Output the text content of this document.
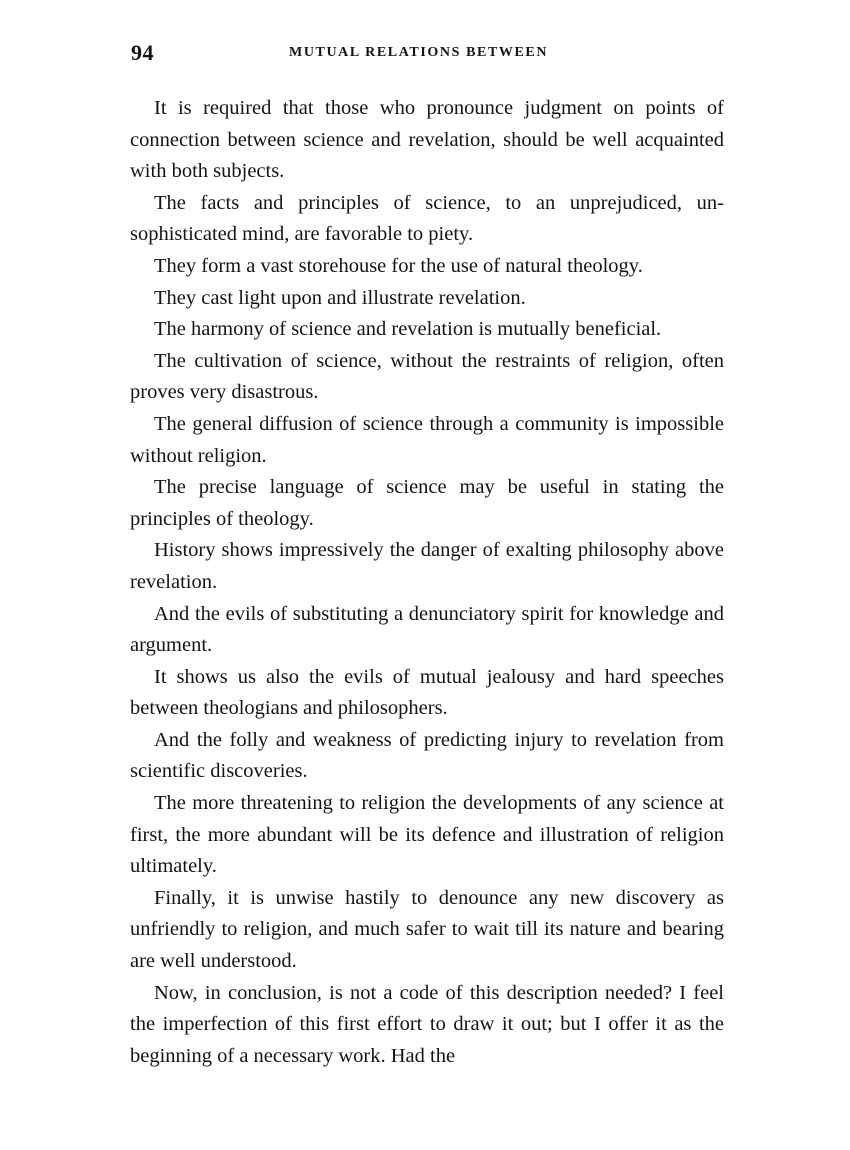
94	MUTUAL RELATIONS BETWEEN

It is required that those who pronounce judgment on points of connection between science and revelation, should be well acquainted with both subjects.

The facts and principles of science, to an unprejudiced, unsophisticated mind, are favorable to piety.

They form a vast storehouse for the use of natural theology.

They cast light upon and illustrate revelation.

The harmony of science and revelation is mutually beneficial.

The cultivation of science, without the restraints of religion, often proves very disastrous.

The general diffusion of science through a community is impossible without religion.

The precise language of science may be useful in stating the principles of theology.

History shows impressively the danger of exalting philosophy above revelation.

And the evils of substituting a denunciatory spirit for knowledge and argument.

It shows us also the evils of mutual jealousy and hard speeches between theologians and philosophers.

And the folly and weakness of predicting injury to revelation from scientific discoveries.

The more threatening to religion the developments of any science at first, the more abundant will be its defence and illustration of religion ultimately.

Finally, it is unwise hastily to denounce any new discovery as unfriendly to religion, and much safer to wait till its nature and bearing are well understood.

Now, in conclusion, is not a code of this description needed? I feel the imperfection of this first effort to draw it out; but I offer it as the beginning of a necessary work. Had the
